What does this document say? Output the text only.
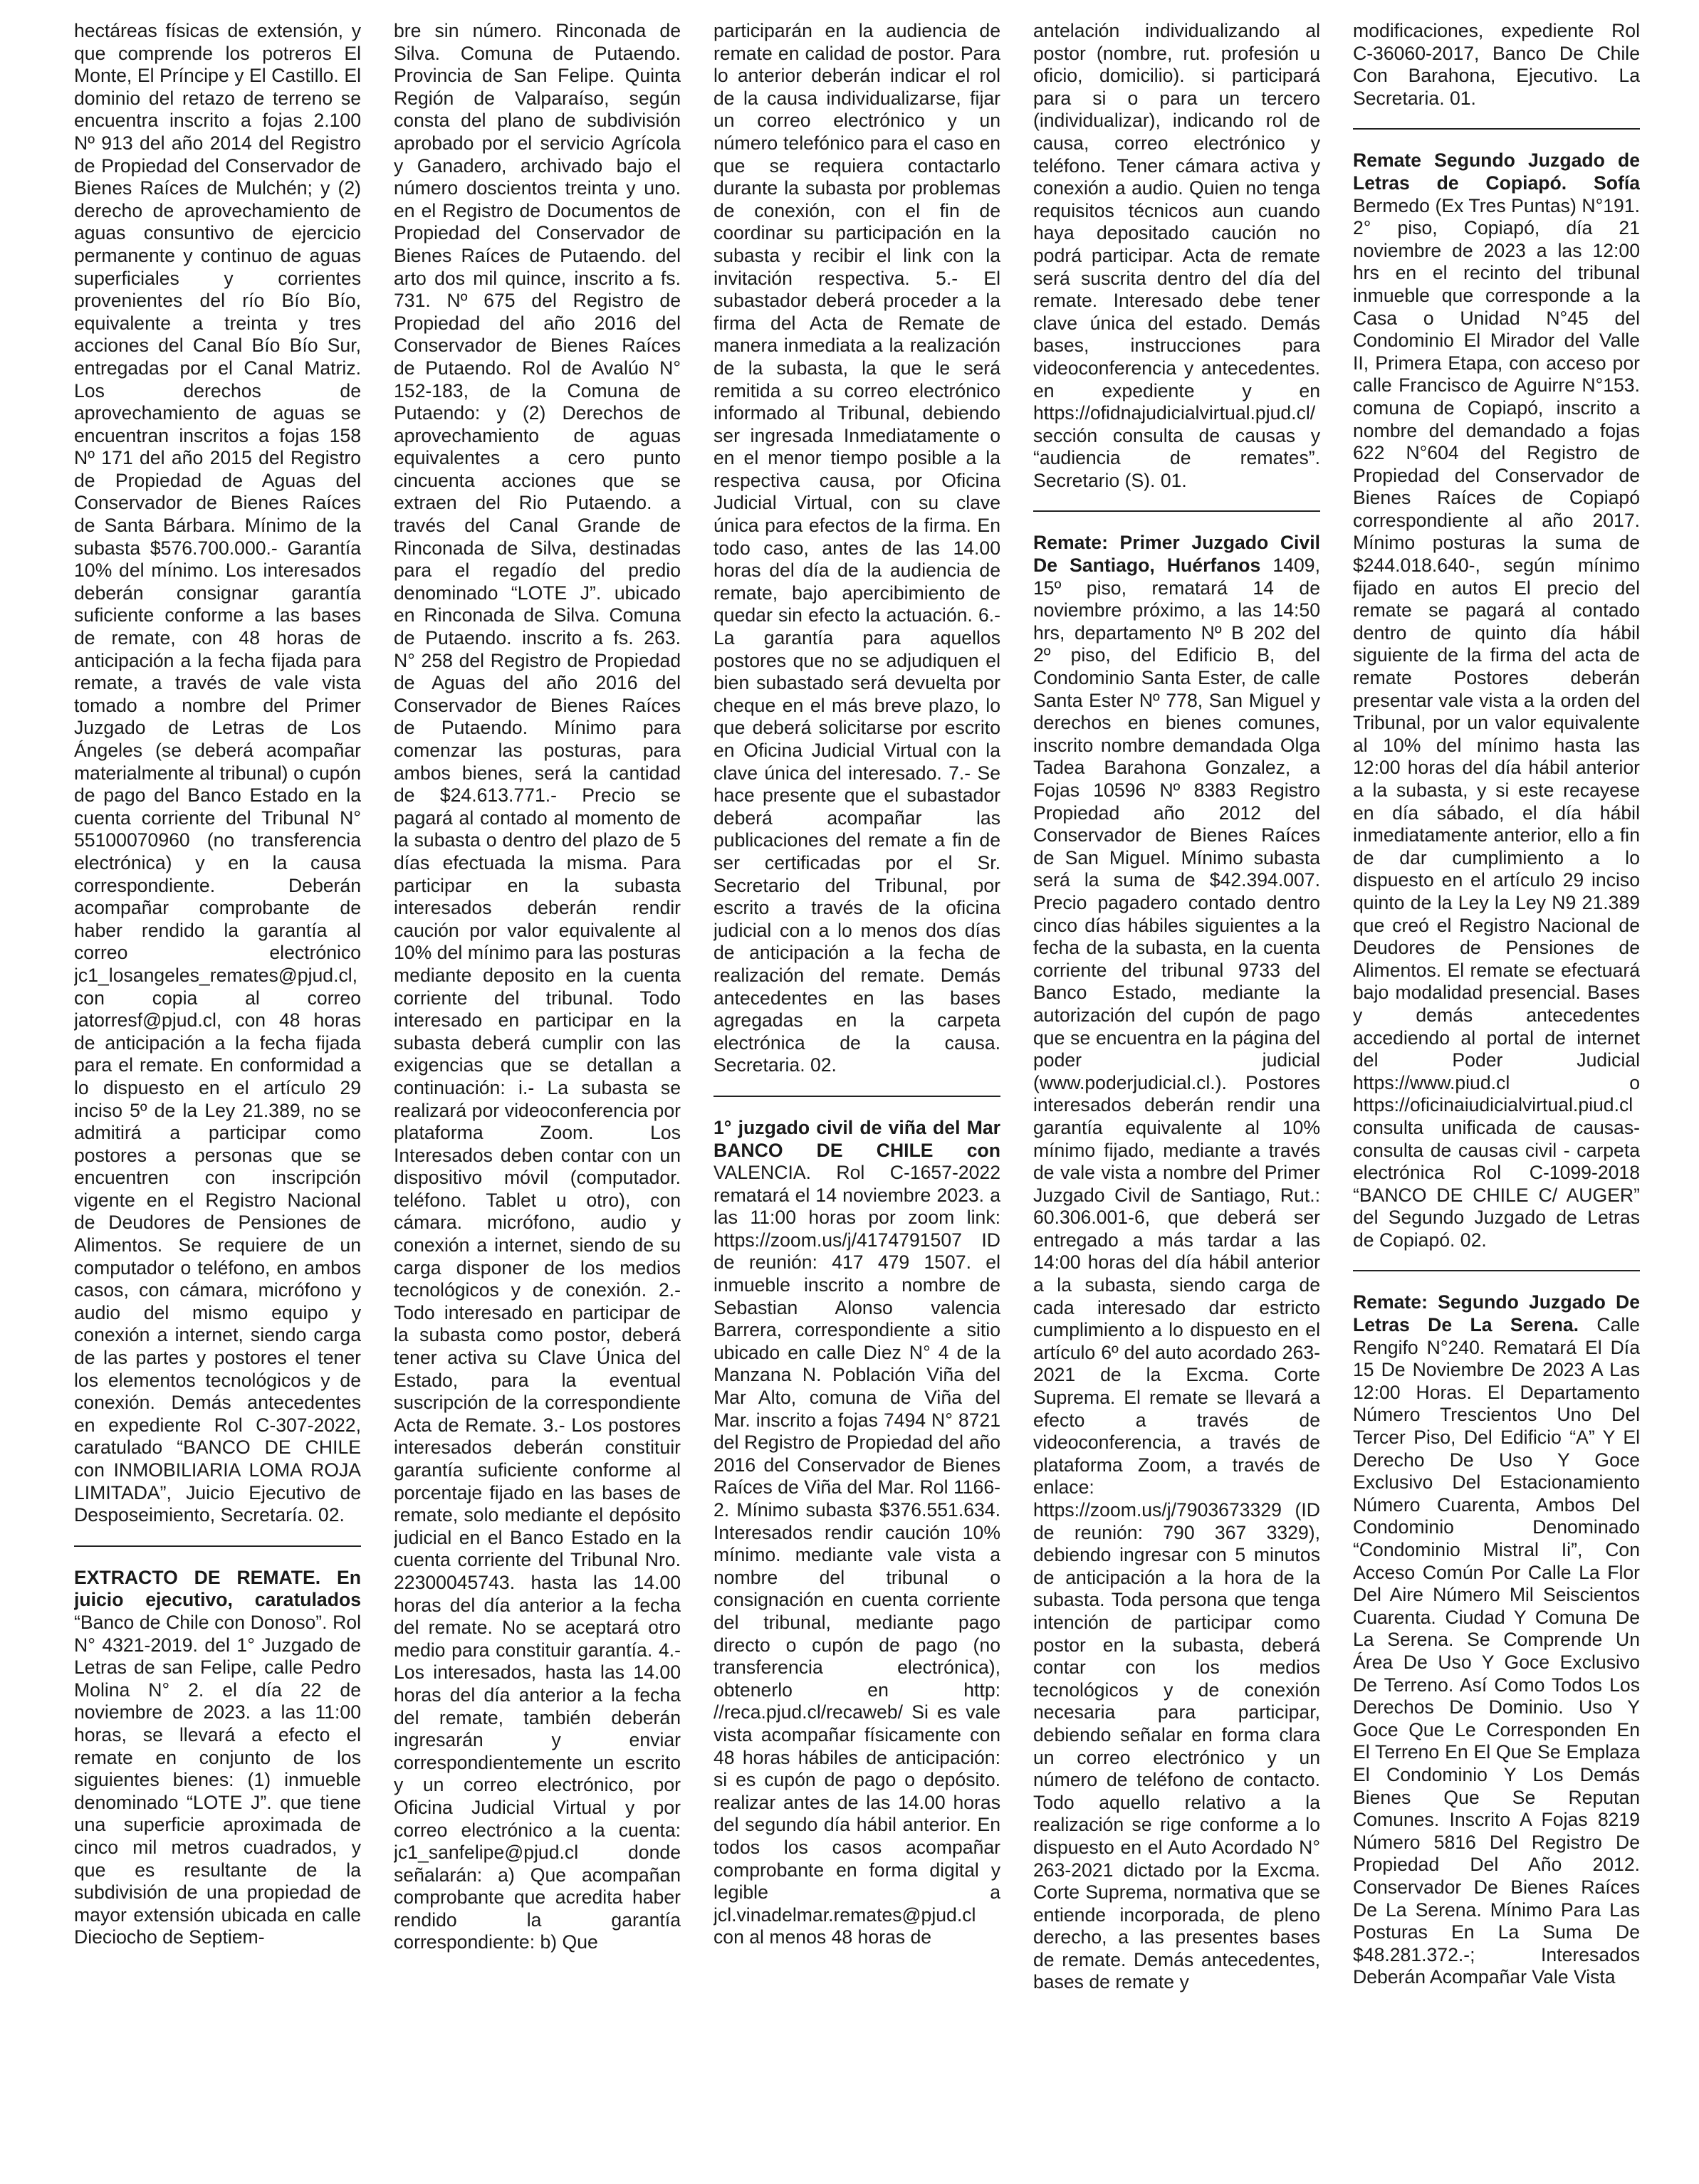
hectáreas físicas de extensión, y que comprende los potreros El Monte, El Príncipe y El Castillo. El dominio del retazo de terreno se encuentra inscrito a fojas 2.100 Nº 913 del año 2014 del Registro de Propiedad del Conservador de Bienes Raíces de Mulchén; y (2) derecho de aprovechamiento de aguas consuntivo de ejercicio permanente y continuo de aguas superficiales y corrientes provenientes del río Bío Bío, equivalente a treinta y tres acciones del Canal Bío Bío Sur, entregadas por el Canal Matriz. Los derechos de aprovechamiento de aguas se encuentran inscritos a fojas 158 Nº 171 del año 2015 del Registro de Propiedad de Aguas del Conservador de Bienes Raíces de Santa Bárbara. Mínimo de la subasta $576.700.000.- Garantía 10% del mínimo. Los interesados deberán consignar garantía suficiente conforme a las bases de remate, con 48 horas de anticipación a la fecha fijada para remate, a través de vale vista tomado a nombre del Primer Juzgado de Letras de Los Ángeles (se deberá acompañar materialmente al tribunal) o cupón de pago del Banco Estado en la cuenta corriente del Tribunal N° 55100070960 (no transferencia electrónica) y en la causa correspondiente. Deberán acompañar comprobante de haber rendido la garantía al correo electrónico jc1_losangeles_remates@pjud.cl, con copia al correo jatorresf@pjud.cl, con 48 horas de anticipación a la fecha fijada para el remate. En conformidad a lo dispuesto en el artículo 29 inciso 5º de la Ley 21.389, no se admitirá a participar como postores a personas que se encuentren con inscripción vigente en el Registro Nacional de Deudores de Pensiones de Alimentos. Se requiere de un computador o teléfono, en ambos casos, con cámara, micrófono y audio del mismo equipo y conexión a internet, siendo carga de las partes y postores el tener los elementos tecnológicos y de conexión. Demás antecedentes en expediente Rol C-307-2022, caratulado “BANCO DE CHILE con INMOBILIARIA LOMA ROJA LIMITADA”, Juicio Ejecutivo de Desposeimiento, Secretaría. 02.

EXTRACTO DE REMATE. En juicio ejecutivo, caratulados “Banco de Chile con Donoso”. Rol N° 4321-2019. del 1° Juzgado de Letras de san Felipe, calle Pedro Molina N° 2. el día 22 de noviembre de 2023. a las 11:00 horas, se llevará a efecto el remate en conjunto de los siguientes bienes: (1) inmueble denominado “LOTE J”. que tiene una superficie aproximada de cinco mil metros cuadrados, y que es resultante de la subdivisión de una propiedad de mayor extensión ubicada en calle Dieciocho de Septiem-

bre sin número. Rinconada de Silva. Comuna de Putaendo. Provincia de San Felipe. Quinta Región de Valparaíso, según consta del plano de subdivisión aprobado por el servicio Agrícola y Ganadero, archivado bajo el número doscientos treinta y uno. en el Registro de Documentos de Propiedad del Conservador de Bienes Raíces de Putaendo. del arto dos mil quince, inscrito a fs. 731. Nº 675 del Registro de Propiedad del año 2016 del Conservador de Bienes Raíces de Putaendo. Rol de Avalúo N° 152-183, de la Comuna de Putaendo: y (2) Derechos de aprovechamiento de aguas equivalentes a cero punto cincuenta acciones que se extraen del Rio Putaendo. a través del Canal Grande de Rinconada de Silva, destinadas para el regadío del predio denominado “LOTE J”. ubicado en Rinconada de Silva. Comuna de Putaendo. inscrito a fs. 263. N° 258 del Registro de Propiedad de Aguas del año 2016 del Conservador de Bienes Raíces de Putaendo. Mínimo para comenzar las posturas, para ambos bienes, será la cantidad de $24.613.771.- Precio se pagará al contado al momento de la subasta o dentro del plazo de 5 días efectuada la misma. Para participar en la subasta interesados deberán rendir caución por valor equivalente al 10% del mínimo para las posturas mediante deposito en la cuenta corriente del tribunal. Todo interesado en participar en la subasta deberá cumplir con las exigencias que se detallan a continuación: i.- La subasta se realizará por videoconferencia por plataforma Zoom. Los Interesados deben contar con un dispositivo móvil (computador. teléfono. Tablet u otro), con cámara. micrófono, audio y conexión a internet, siendo de su carga disponer de los medios tecnológicos y de conexión. 2.- Todo interesado en participar de la subasta como postor, deberá tener activa su Clave Única del Estado, para la eventual suscripción de la correspondiente Acta de Remate. 3.- Los postores interesados deberán constituir garantía suficiente conforme al porcentaje fijado en las bases de remate, solo mediante el depósito judicial en el Banco Estado en la cuenta corriente del Tribunal Nro. 22300045743. hasta las 14.00 horas del día anterior a la fecha del remate. No se aceptará otro medio para constituir garantía. 4.- Los interesados, hasta las 14.00 horas del día anterior a la fecha del remate, también deberán ingresarán y enviar correspondientemente un escrito y un correo electrónico, por Oficina Judicial Virtual y por correo electrónico a la cuenta: jc1_sanfelipe@pjud.cl donde señalarán: a) Que acompañan comprobante que acredita haber rendido la garantía correspondiente: b) Que

participarán en la audiencia de remate en calidad de postor. Para lo anterior deberán indicar el rol de la causa individualizarse, fijar un correo electrónico y un número telefónico para el caso en que se requiera contactarlo durante la subasta por problemas de conexión, con el fin de coordinar su participación en la subasta y recibir el link con la invitación respectiva. 5.- El subastador deberá proceder a la firma del Acta de Remate de manera inmediata a la realización de la subasta, la que le será remitida a su correo electrónico informado al Tribunal, debiendo ser ingresada Inmediatamente o en el menor tiempo posible a la respectiva causa, por Oficina Judicial Virtual, con su clave única para efectos de la firma. En todo caso, antes de las 14.00 horas del día de la audiencia de remate, bajo apercibimiento de quedar sin efecto la actuación. 6.- La garantía para aquellos postores que no se adjudiquen el bien subastado será devuelta por cheque en el más breve plazo, lo que deberá solicitarse por escrito en Oficina Judicial Virtual con la clave única del interesado. 7.- Se hace presente que el subastador deberá acompañar las publicaciones del remate a fin de ser certificadas por el Sr. Secretario del Tribunal, por escrito a través de la oficina judicial con a lo menos dos días de anticipación a la fecha de realización del remate. Demás antecedentes en las bases agregadas en la carpeta electrónica de la causa. Secretaria. 02.

1° juzgado civil de viña del Mar BANCO DE CHILE con VALENCIA. Rol C-1657-2022 rematará el 14 noviembre 2023. a las 11:00 horas por zoom link: https://zoom.us/j/4174791507 ID de reunión: 417 479 1507. el inmueble inscrito a nombre de Sebastian Alonso valencia Barrera, correspondiente a sitio ubicado en calle Diez N° 4 de la Manzana N. Población Viña del Mar Alto, comuna de Viña del Mar. inscrito a fojas 7494 N° 8721 del Registro de Propiedad del año 2016 del Conservador de Bienes Raíces de Viña del Mar. Rol 1166-2. Mínimo subasta $376.551.634. Interesados rendir caución 10% mínimo. mediante vale vista a nombre del tribunal o consignación en cuenta corriente del tribunal, mediante pago directo o cupón de pago (no transferencia electrónica), obtenerlo en http: //reca.pjud.cl/recaweb/ Si es vale vista acompañar físicamente con 48 horas hábiles de anticipación: si es cupón de pago o depósito. realizar antes de las 14.00 horas del segundo día hábil anterior. En todos los casos acompañar comprobante en forma digital y legible a jcl.vinadelmar.remates@pjud.cl con al menos 48 horas de

antelación individualizando al postor (nombre, rut. profesión u oficio, domicilio). si participará para si o para un tercero (individualizar), indicando rol de causa, correo electrónico y teléfono. Tener cámara activa y conexión a audio. Quien no tenga requisitos técnicos aun cuando haya depositado caución no podrá participar. Acta de remate será suscrita dentro del día del remate. Interesado debe tener clave única del estado. Demás bases, instrucciones para videoconferencia y antecedentes. en expediente y en https://ofidnajudicialvirtual.pjud.cl/ sección consulta de causas y “audiencia de remates”. Secretario (S). 01.

Remate: Primer Juzgado Civil De Santiago, Huérfanos 1409, 15º piso, rematará 14 de noviembre próximo, a las 14:50 hrs, departamento Nº B 202 del 2º piso, del Edificio B, del Condominio Santa Ester, de calle Santa Ester Nº 778, San Miguel y derechos en bienes comunes, inscrito nombre demandada Olga Tadea Barahona Gonzalez, a Fojas 10596 Nº 8383 Registro Propiedad año 2012 del Conservador de Bienes Raíces de San Miguel. Mínimo subasta será la suma de $42.394.007. Precio pagadero contado dentro cinco días hábiles siguientes a la fecha de la subasta, en la cuenta corriente del tribunal 9733 del Banco Estado, mediante la autorización del cupón de pago que se encuentra en la página del poder judicial (www.poderjudicial.cl.). Postores interesados deberán rendir una garantía equivalente al 10% mínimo fijado, mediante a través de vale vista a nombre del Primer Juzgado Civil de Santiago, Rut.: 60.306.001-6, que deberá ser entregado a más tardar a las 14:00 horas del día hábil anterior a la subasta, siendo carga de cada interesado dar estricto cumplimiento a lo dispuesto en el artículo 6º del auto acordado 263-2021 de la Excma. Corte Suprema. El remate se llevará a efecto a través de videoconferencia, a través de plataforma Zoom, a través de enlace: https://zoom.us/j/7903673329 (ID de reunión: 790 367 3329), debiendo ingresar con 5 minutos de anticipación a la hora de la subasta. Toda persona que tenga intención de participar como postor en la subasta, deberá contar con los medios tecnológicos y de conexión necesaria para participar, debiendo señalar en forma clara un correo electrónico y un número de teléfono de contacto. Todo aquello relativo a la realización se rige conforme a lo dispuesto en el Auto Acordado N° 263-2021 dictado por la Excma. Corte Suprema, normativa que se entiende incorporada, de pleno derecho, a las presentes bases de remate. Demás antecedentes, bases de remate y

modificaciones, expediente Rol C-36060-2017, Banco De Chile Con Barahona, Ejecutivo. La Secretaria. 01.

Remate Segundo Juzgado de Letras de Copiapó. Sofía Bermedo (Ex Tres Puntas) N°191. 2° piso, Copiapó, día 21 noviembre de 2023 a las 12:00 hrs en el recinto del tribunal inmueble que corresponde a la Casa o Unidad N°45 del Condominio El Mirador del Valle II, Primera Etapa, con acceso por calle Francisco de Aguirre N°153. comuna de Copiapó, inscrito a nombre del demandado a fojas 622 N°604 del Registro de Propiedad del Conservador de Bienes Raíces de Copiapó correspondiente al año 2017. Mínimo posturas la suma de $244.018.640-, según mínimo fijado en autos El precio del remate se pagará al contado dentro de quinto día hábil siguiente de la firma del acta de remate Postores deberán presentar vale vista a la orden del Tribunal, por un valor equivalente al 10% del mínimo hasta las 12:00 horas del día hábil anterior a la subasta, y si este recayese en día sábado, el día hábil inmediatamente anterior, ello a fin de dar cumplimiento a lo dispuesto en el artículo 29 inciso quinto de la Ley la Ley N9 21.389 que creó el Registro Nacional de Deudores de Pensiones de Alimentos. El remate se efectuará bajo modalidad presencial. Bases y demás antecedentes accediendo al portal de internet del Poder Judicial https://www.piud.cl o https://oficinaiudicialvirtual.piud.cl consulta unificada de causas- consulta de causas civil - carpeta electrónica Rol C-1099-2018 “BANCO DE CHILE C/ AUGER” del Segundo Juzgado de Letras de Copiapó. 02.

Remate: Segundo Juzgado De Letras De La Serena. Calle Rengifo N°240. Rematará El Día 15 De Noviembre De 2023 A Las 12:00 Horas. El Departamento Número Trescientos Uno Del Tercer Piso, Del Edificio “A” Y El Derecho De Uso Y Goce Exclusivo Del Estacionamiento Número Cuarenta, Ambos Del Condominio Denominado “Condominio Mistral Ii”, Con Acceso Común Por Calle La Flor Del Aire Número Mil Seiscientos Cuarenta. Ciudad Y Comuna De La Serena. Se Comprende Un Área De Uso Y Goce Exclusivo De Terreno. Así Como Todos Los Derechos De Dominio. Uso Y Goce Que Le Corresponden En El Terreno En El Que Se Emplaza El Condominio Y Los Demás Bienes Que Se Reputan Comunes. Inscrito A Fojas 8219 Número 5816 Del Registro De Propiedad Del Año 2012. Conservador De Bienes Raíces De La Serena. Mínimo Para Las Posturas En La Suma De $48.281.372.-; Interesados Deberán Acompañar Vale Vista
